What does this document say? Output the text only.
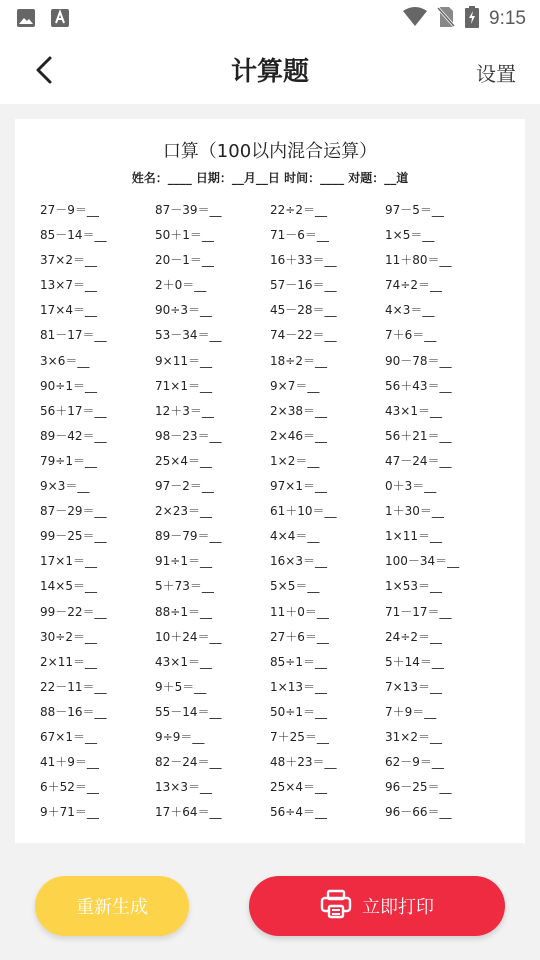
9:15
计算题	设置
口算（100以内混合运算）
姓名：____ 日期：__月__日 时间：____ 对题：__道
27－9＝__	87－39＝__	22÷2＝__	97－5＝__
85－14＝__	50＋1＝__	71－6＝__	1×5＝__
37×2＝__	20－1＝__	16＋33＝__	11＋80＝__
13×7＝__	2＋0＝__	57－16＝__	74÷2＝__
17×4＝__	90÷3＝__	45－28＝__	4×3＝__
81－17＝__	53－34＝__	74－22＝__	7＋6＝__
3×6＝__	9×11＝__	18÷2＝__	90－78＝__
90÷1＝__	71×1＝__	9×7＝__	56＋43＝__
56＋17＝__	12＋3＝__	2×38＝__	43×1＝__
89－42＝__	98－23＝__	2×46＝__	56＋21＝__
79÷1＝__	25×4＝__	1×2＝__	47－24＝__
9×3＝__	97－2＝__	97×1＝__	0＋3＝__
87－29＝__	2×23＝__	61＋10＝__	1＋30＝__
99－25＝__	89－79＝__	4×4＝__	1×11＝__
17×1＝__	91÷1＝__	16×3＝__	100－34＝__
14×5＝__	5＋73＝__	5×5＝__	1×53＝__
99－22＝__	88÷1＝__	11＋0＝__	71－17＝__
30÷2＝__	10＋24＝__	27＋6＝__	24÷2＝__
2×11＝__	43×1＝__	85÷1＝__	5＋14＝__
22－11＝__	9＋5＝__	1×13＝__	7×13＝__
88－16＝__	55－14＝__	50÷1＝__	7＋9＝__
67×1＝__	9÷9＝__	7＋25＝__	31×2＝__
41＋9＝__	82－24＝__	48＋23＝__	62－9＝__
6＋52＝__	13×3＝__	25×4＝__	96－25＝__
9＋71＝__	17＋64＝__	56÷4＝__	96－66＝__
重新生成	立即打印
